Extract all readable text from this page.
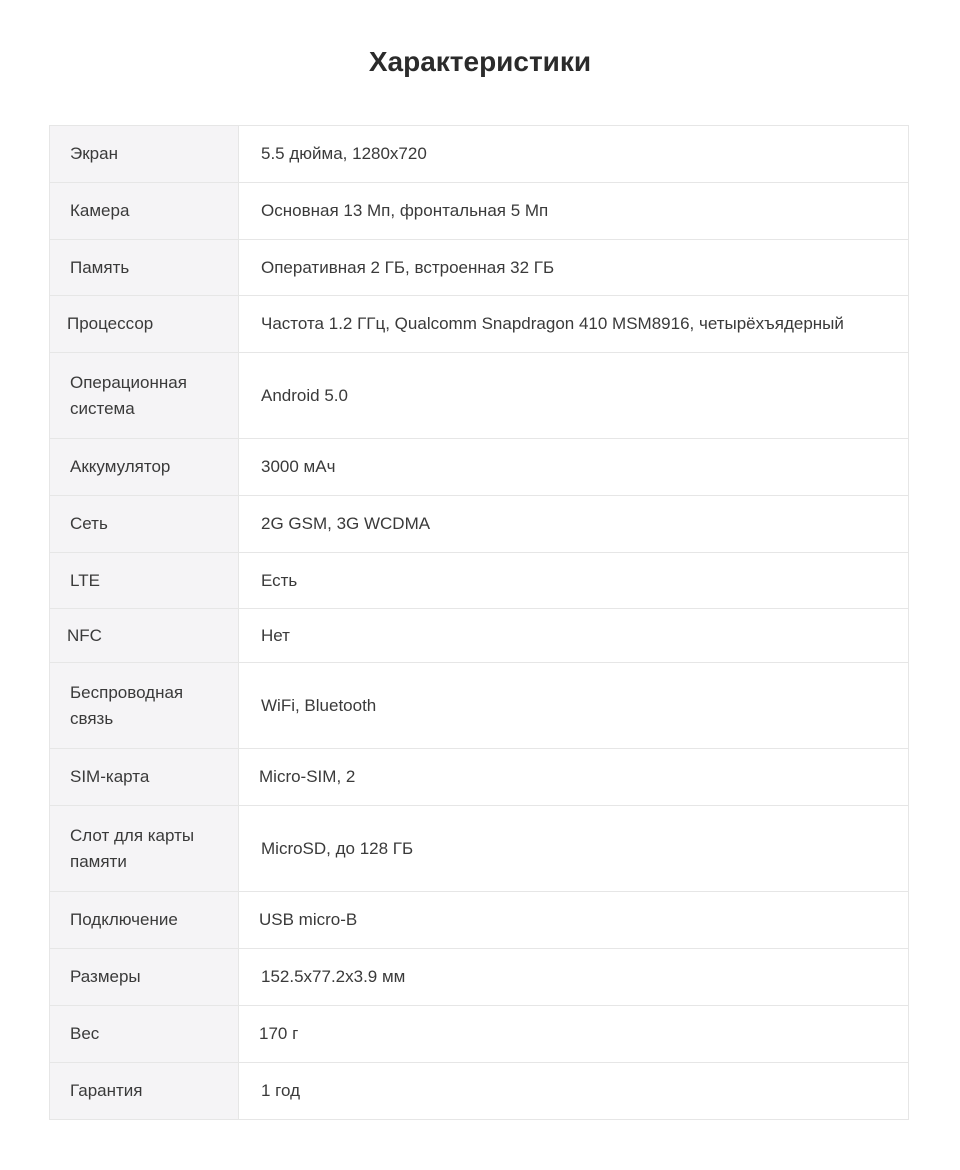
Характеристики
Экран	5.5 дюйма, 1280x720

Камера	Основная 13 Мп, фронтальная 5 Мп

Память	Оперативная 2 ГБ, встроенная 32 ГБ

Процессор	Частота 1.2 ГГц, Qualcomm Snapdragon 410 MSM8916, четырёхъядерный

Операционная система	Android 5.0

Аккумулятор	3000 мАч

Сеть	2G GSM, 3G WCDMA

LTE	Есть

NFC	Нет

Беспроводная связь	WiFi, Bluetooth

SIM-карта	Micro-SIM, 2

Слот для карты памяти	MicroSD, до 128 ГБ

Подключение	USB micro-B

Размеры	152.5x77.2x3.9 мм

Вес	170 г

Гарантия	1 год
